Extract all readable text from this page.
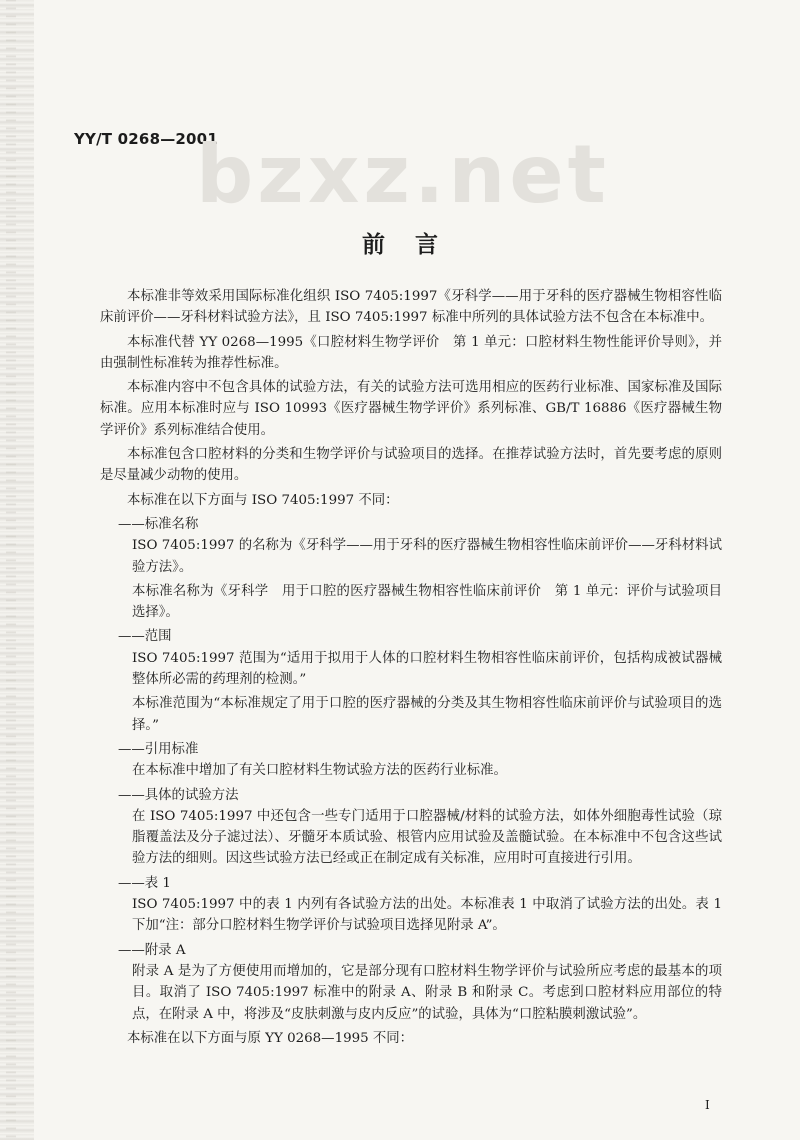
YY/T 0268—2001
bzxz.net
前言

本标准非等效采用国际标准化组织 ISO 7405:1997《牙科学——用于牙科的医疗器械生物相容性临床前评价——牙科材料试验方法》，且 ISO 7405:1997 标准中所列的具体试验方法不包含在本标准中。

本标准代替 YY 0268—1995《口腔材料生物学评价　第 1 单元：口腔材料生物性能评价导则》，并由强制性标准转为推荐性标准。

本标准内容中不包含具体的试验方法，有关的试验方法可选用相应的医药行业标准、国家标准及国际标准。应用本标准时应与 ISO 10993《医疗器械生物学评价》系列标准、GB/T 16886《医疗器械生物学评价》系列标准结合使用。

本标准包含口腔材料的分类和生物学评价与试验项目的选择。在推荐试验方法时，首先要考虑的原则是尽量减少动物的使用。

本标准在以下方面与 ISO 7405:1997 不同：

——标准名称

ISO 7405:1997 的名称为《牙科学——用于牙科的医疗器械生物相容性临床前评价——牙科材料试验方法》。

本标准名称为《牙科学　用于口腔的医疗器械生物相容性临床前评价　第 1 单元：评价与试验项目选择》。

——范围

ISO 7405:1997 范围为“适用于拟用于人体的口腔材料生物相容性临床前评价，包括构成被试器械整体所必需的药理剂的检测。”

本标准范围为“本标准规定了用于口腔的医疗器械的分类及其生物相容性临床前评价与试验项目的选择。”

——引用标准

在本标准中增加了有关口腔材料生物试验方法的医药行业标准。

——具体的试验方法

在 ISO 7405:1997 中还包含一些专门适用于口腔器械/材料的试验方法，如体外细胞毒性试验（琼脂覆盖法及分子滤过法）、牙髓牙本质试验、根管内应用试验及盖髓试验。在本标准中不包含这些试验方法的细则。因这些试验方法已经或正在制定成有关标准，应用时可直接进行引用。

——表 1

ISO 7405:1997 中的表 1 内列有各试验方法的出处。本标准表 1 中取消了试验方法的出处。表 1 下加“注：部分口腔材料生物学评价与试验项目选择见附录 A”。

——附录 A

附录 A 是为了方便使用而增加的，它是部分现有口腔材料生物学评价与试验所应考虑的最基本的项目。取消了 ISO 7405:1997 标准中的附录 A、附录 B 和附录 C。考虑到口腔材料应用部位的特点，在附录 A 中，将涉及“皮肤刺激与皮内反应”的试验，具体为“口腔粘膜刺激试验”。

本标准在以下方面与原 YY 0268—1995 不同：

I
